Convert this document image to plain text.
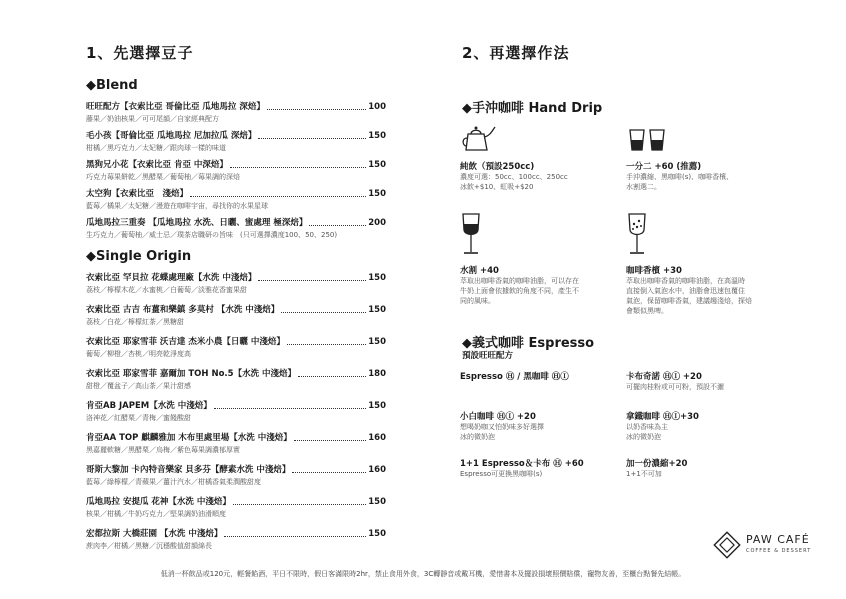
1、先選擇豆子
◆Blend
旺旺配方【衣索比亞 哥倫比亞 瓜地馬拉 深焙】	100
藤果／奶油核果／可可尾韻／自家經典配方
毛小孩【哥倫比亞 瓜地馬拉 尼加拉瓜 深焙】	150
柑橘／黑巧克力／太妃糖／跟肉球一樣的味道
黑狗兄小花【衣索比亞 肯亞 中深焙】	150
巧克力莓果餅乾／黑醋栗／葡萄柚／莓果調的深焙
太空狗【衣索比亞　淺焙】	150
藍莓／橘果／太妃糖／漫遊在咖啡宇宙，尋找你的水果星球
瓜地馬拉三重奏 【瓜地馬拉 水洗、日曬、蜜處理 極深焙】	200
生巧克力／葡萄柚／威士忌／璞茶店職研の旨味　(只可選擇濃度100、50、250)
◆Single Origin
衣索比亞 罕貝拉 花蝶處理廠【水洗 中淺焙】	150
荔枝／檸檬木花／水蜜桃／白葡萄／淡雅花香蜜果甜
衣索比亞 古吉 布薑和樂鎮 多莫村 【水洗 中淺焙】	150
荔枝／白花／檸檬紅茶／黑糖甜
衣索比亞 耶家雪菲 沃吉達 杰米小農【日曬 中淺焙】	150
葡萄／柳橙／杏桃／明亮乾淨度高
衣索比亞 耶家雪菲 嘉爾加 TOH No.5【水洗 中淺焙】	180
甜橙／覆盆子／高山茶／果汁甜感
肯亞AB JAPEM【水洗 中淺焙】	150
洛神花／紅醋栗／青梅／蜜餞酸甜
肯亞AA TOP 麒麟雅加 木布里處里場【水洗 中淺焙】	160
黑嘉麗軟糖／黑醋栗／烏梅／紫色莓果調濃郁厚實
哥斯大黎加 卡內特音樂家 貝多芬【酵素水洗 中淺焙】	160
藍莓／綠檸檬／青蘋果／薑汁汽水／柑橘香氣柔潤酸甜度
瓜地馬拉 安提瓜 花神【水洗 中淺焙】	150
核果／柑橘／牛奶巧克力／堅果調奶油滑順度
宏都拉斯 大橋莊園 【水洗 中淺焙】	150
蔗肉李／柑橘／黑糖／沉穩酸值甜韻綿長
2、再選擇作法
◆手沖咖啡 Hand Drip
純飲（預設250cc)
濃度可選：50cc、100cc、250cc
冰飲+$10、虹吸+$20
一分二 +60 (推薦)
手沖濃縮、黑咖啡(s)、咖啡香檳、
水割選二。
水割 +40
萃取出咖啡香氣的咖啡油脂，可以存在
牛奶上面會依據飲的角度不同，產生不
同的風味。
咖啡香檳 +30
萃取出咖啡香氣的咖啡油脂，在高溫時
直接倒入氣泡水中，油脂會迅速包覆住
氣泡，保留咖啡香氣，建議趨淺焙，探焙
會類似黑啤。
◆義式咖啡 Espresso
預設旺旺配方
Espresso Ⓗ / 黑咖啡 ⒽⒾ	卡布奇諾 ⒽⒾ +20
可擺肉桂粉或可可粉，預設不灑
小白咖啡 ⒽⒾ +20
想喝奶咖又怕奶味多好選擇
冰的微奶泡
拿鐵咖啡 ⒽⒾ+30
以奶香味為主
冰的微奶泡
1+1 Espresso＆卡布 Ⓗ +60
Espresso可更換黑咖啡(s)
加一份濃縮+20
1+1不可加
PAW CAFÉ
COFFEE & DESSERT
低消一杯飲品或120元，輕餐餡酒，平日不限時，假日客滿限時2hr，禁止食用外食，3C轉靜音或戴耳機，愛惜書本及擺設損壞照價賠償，寵物友善，至櫃台點餐先結帳。
